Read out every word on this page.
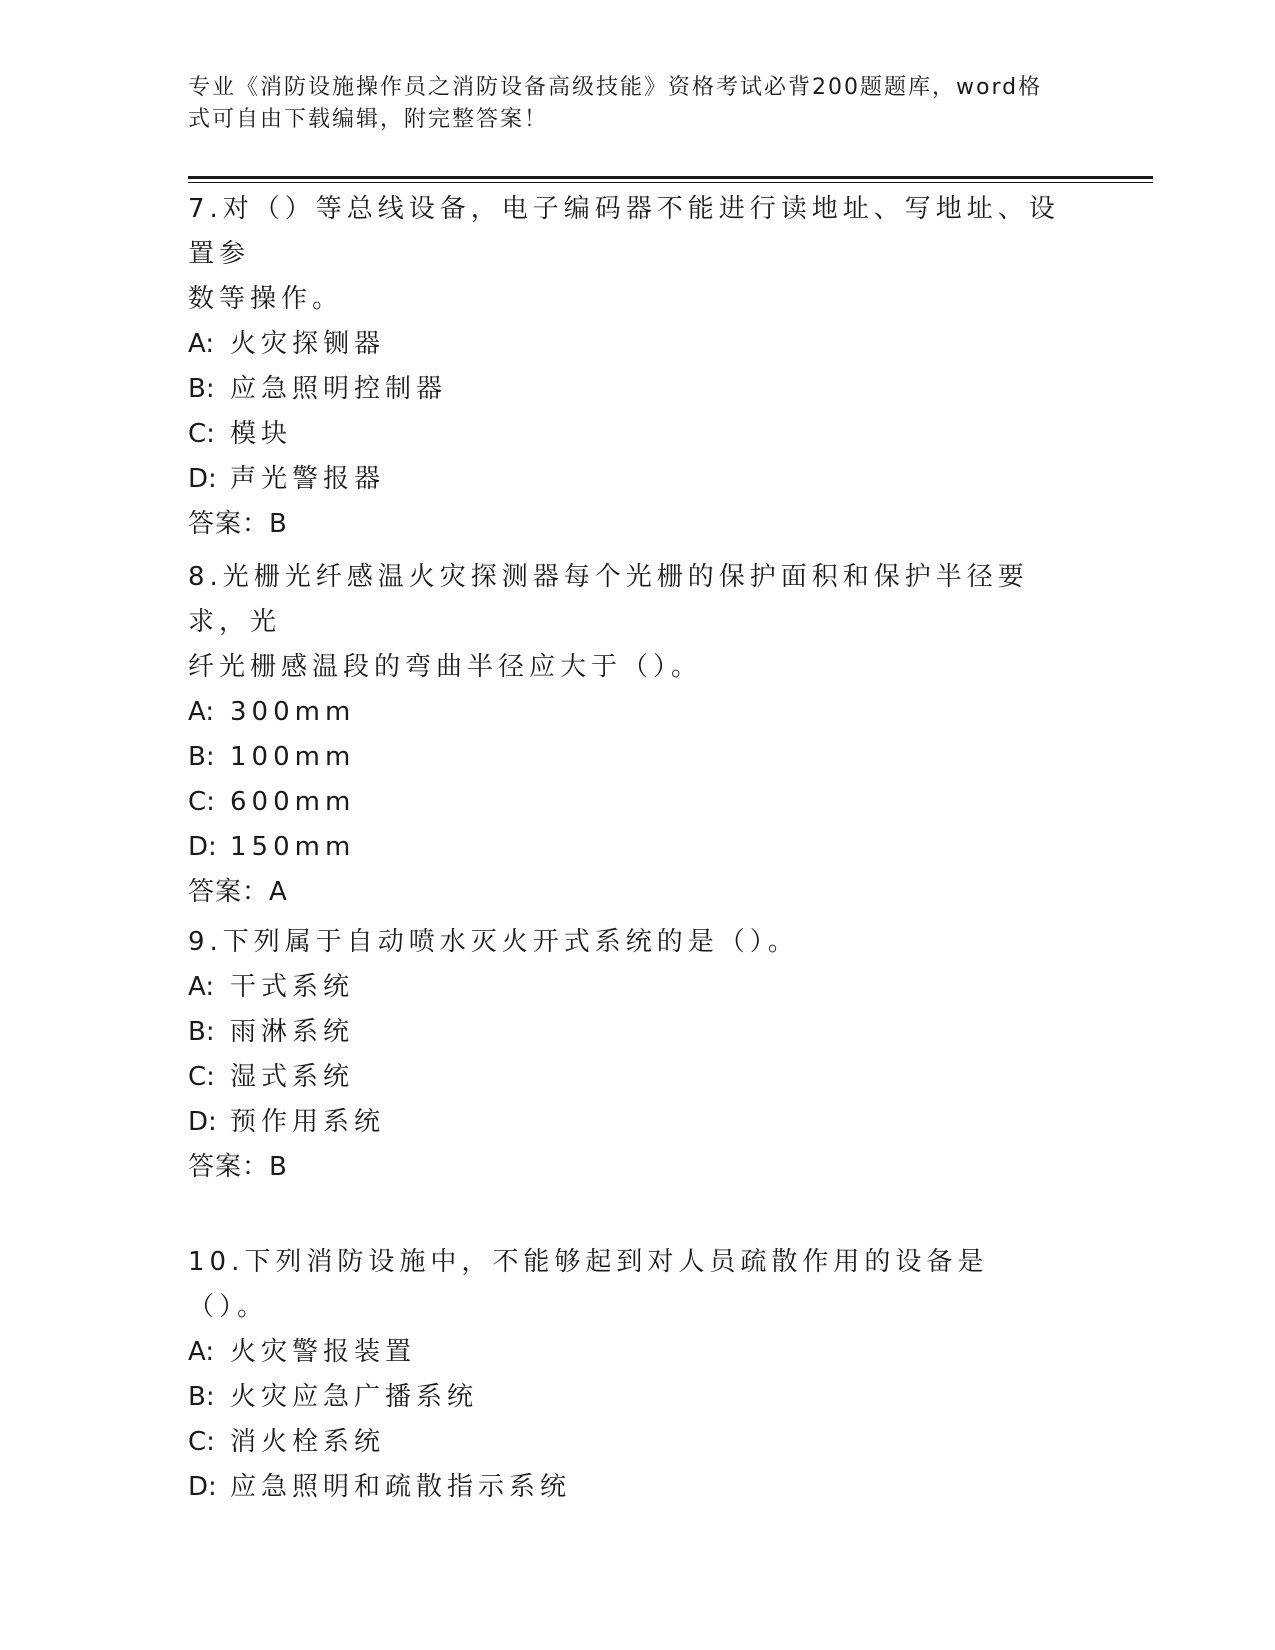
专业《消防设施操作员之消防设备高级技能》资格考试必背200题题库，word格
式可自由下载编辑，附完整答案！

7.对（）等总线设备，电子编码器不能进行读地址、写地址、设置参

数等操作。

A: 火灾探铡器

B: 应急照明控制器

C: 模块

D: 声光警报器

答案：B

8.光栅光纤感温火灾探测器每个光栅的保护面积和保护半径要求，光

纤光栅感温段的弯曲半径应大于（）。

A: 300mm

B: 100mm

C: 600mm

D: 150mm

答案：A

9.下列属于自动喷水灭火开式系统的是（）。

A: 干式系统

B: 雨淋系统

C: 湿式系统

D: 预作用系统

答案：B

10.下列消防设施中，不能够起到对人员疏散作用的设备是（）。

A: 火灾警报装置

B: 火灾应急广播系统

C: 消火栓系统

D: 应急照明和疏散指示系统
